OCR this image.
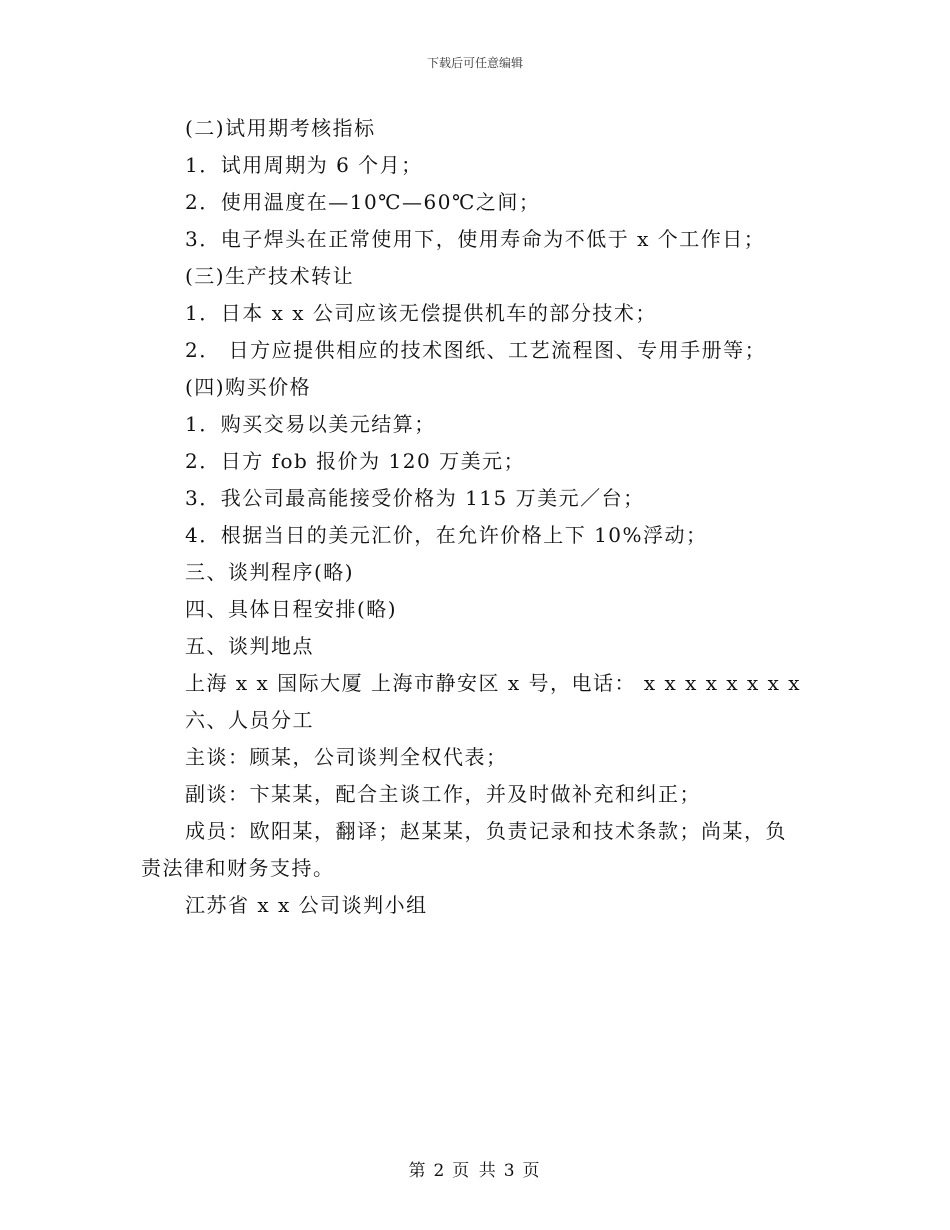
下载后可任意编辑
(二)试用期考核指标
1．试用周期为 6 个月；
2．使用温度在—10℃—60℃之间；
3．电子焊头在正常使用下，使用寿命为不低于 x 个工作日；
(三)生产技术转让
1．日本 x x 公司应该无偿提供机车的部分技术；
2． 日方应提供相应的技术图纸、工艺流程图、专用手册等；
(四)购买价格
1．购买交易以美元结算；
2．日方 fob 报价为 120 万美元；
3．我公司最高能接受价格为 115 万美元／台；
4．根据当日的美元汇价，在允许价格上下 10%浮动；
三、谈判程序(略)
四、具体日程安排(略)
五、谈判地点
上海 x x 国际大厦 上海市静安区 x 号，电话： x x x x x x x x
六、人员分工
主谈：顾某，公司谈判全权代表；
副谈：卞某某，配合主谈工作，并及时做补充和纠正；
成员：欧阳某，翻译；赵某某，负责记录和技术条款；尚某，负责法律和财务支持。
江苏省 x x 公司谈判小组
第 2 页 共 3 页
